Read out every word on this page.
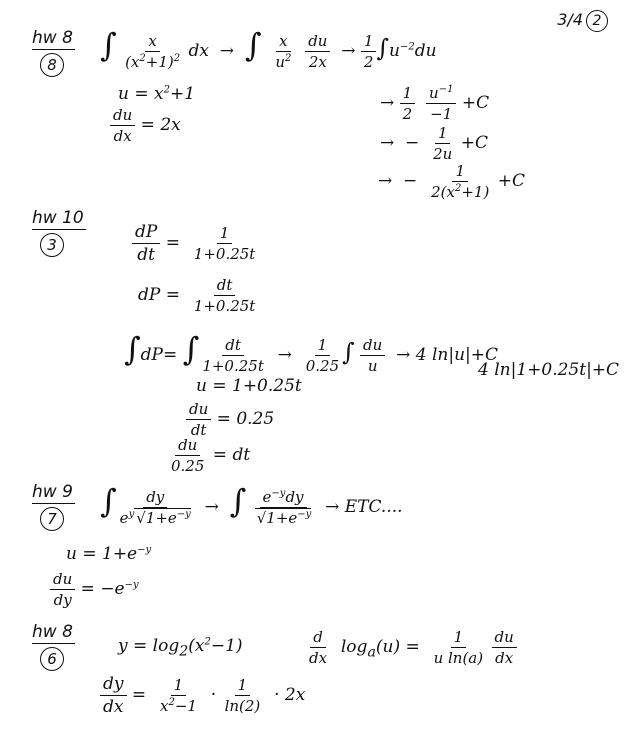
3/4 2
hw 8
8
∫ $\frac{x}{(x^2+1)^2}$ dx  →  ∫ $\frac{x}{u^2}$
$\frac{du}{2x} \to \frac{1}{2} \int u^{-2}du$
$u = x^2+1$
$\frac{du}{dx} = 2x$
→ $\frac{1}{2}$
$\frac{u^{-1}}{-1} +C$
→  − $\frac{1}{2u} +C$
→  − $\frac{1}{2(x^2+1)} +C$
hw 10
3	$\frac{dP}{dt} = \frac{1}{1+0.25t}$
dP = $\frac{dt}{1+0.25t}$
∫dP= ∫ $\frac{dt}{1+0.25t} \to \frac{1}{0.25}$ ∫ $\frac{du}{u} \to 4$ ln|u|+C
4 ln|1+0.25t|+C
u = 1+0.25t
$\frac{du}{dt} = 0.25$
$\frac{du}{0.25}$ = dt
hw 9
7	∫ $\frac{dy}{e^y √1+e^{-y}}$ →  ∫ $\frac{e^{-y}dy}{√1+e^{-y}}$ → ETC....
$u = 1+e^{-y}$
$\frac{du}{dy} = -e^{-y}$
hw 8
6
$y = \log_2(x^2-1)$	$\frac{d}{dx} \log_a(u) = \frac{1}{\text{u ln(a)}}$
$\frac{du}{dx}$
$\frac{dy}{dx} = \frac{1}{x^2-1} \cdot \frac{1}{\ln(2)} \cdot 2x$
